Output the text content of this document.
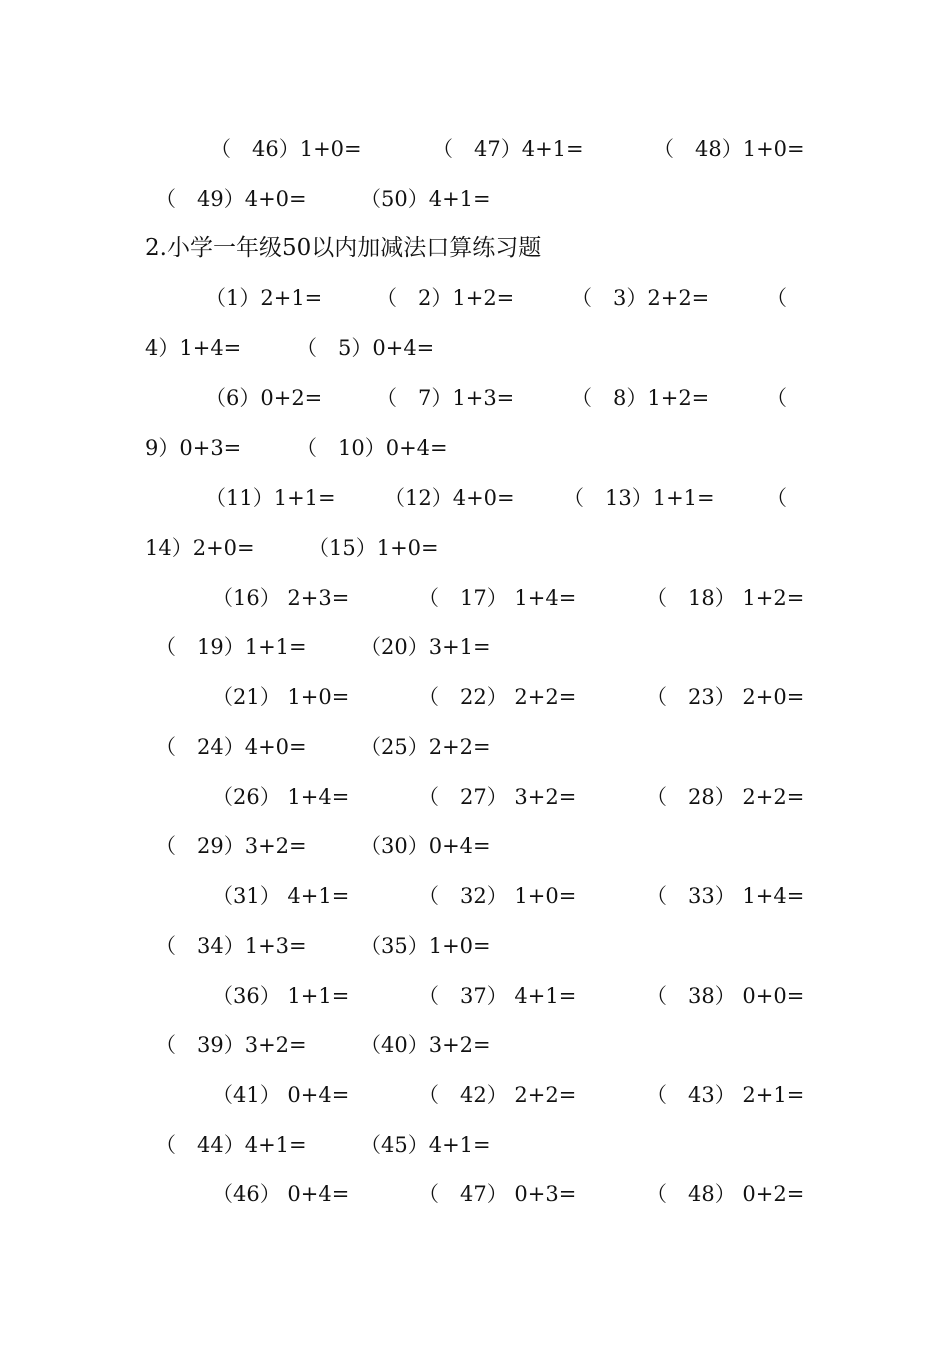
（　46）1+0=

	（　47）4+1=

	（　48）1+0=

（　49）4+0=

	（50）4+1=

2.小学一年级50以内加减法口算练习题

（1）2+1=

	（　2）1+2=

	（　3）2+2=

	（

4）1+4=

	（　5）0+4=

（6）0+2=

	（　7）1+3=

	（　8）1+2=

	（

9）0+3=

	（　10）0+4=

（11）1+1=

（12）4+0=

（　13）1+1=

（

14）2+0=

	（15）1+0=

（16） 2+3=

	（　17） 1+4=

	（　18） 1+2=

（　19）1+1=

	（20）3+1=

（21） 1+0=

	（　22） 2+2=

	（　23） 2+0=

（　24）4+0=

	（25）2+2=

（26） 1+4=

	（　27） 3+2=

	（　28） 2+2=

（　29）3+2=

	（30）0+4=

（31） 4+1=

	（　32） 1+0=

	（　33） 1+4=

（　34）1+3=

	（35）1+0=

（36） 1+1=

	（　37） 4+1=

	（　38） 0+0=

（　39）3+2=

	（40）3+2=

（41） 0+4=

	（　42） 2+2=

	（　43） 2+1=

（　44）4+1=

	（45）4+1=

（46） 0+4=

	（　47） 0+3=

	（　48） 0+2=
